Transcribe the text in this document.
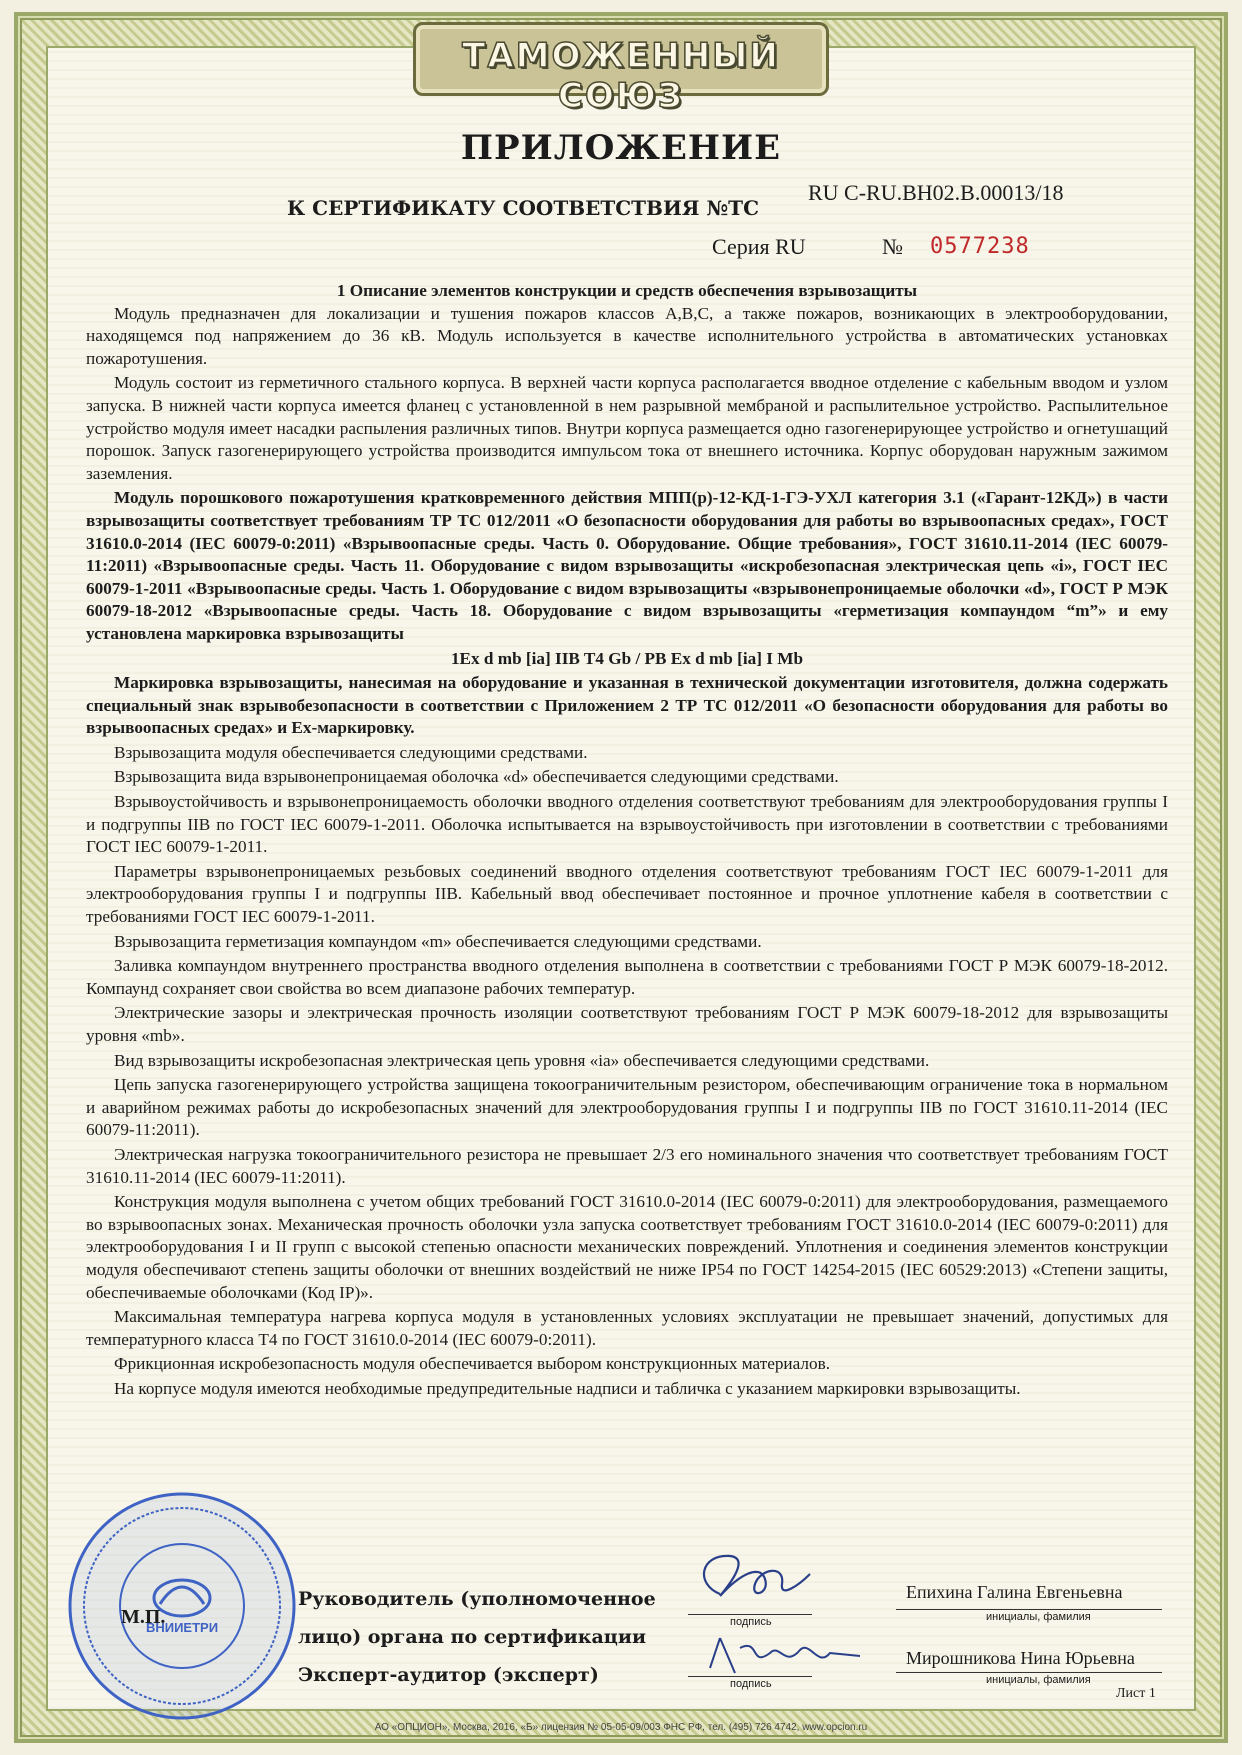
ТАМОЖЕННЫЙ СОЮЗ
ПРИЛОЖЕНИЕ
К СЕРТИФИКАТУ СООТВЕТСТВИЯ №ТС
RU C-RU.BH02.B.00013/18
Серия RU	№ 0577238

1 Описание элементов конструкции и средств обеспечения взрывозащиты

Модуль предназначен для локализации и тушения пожаров классов А,В,С, а также пожаров, возникающих в электрооборудовании, находящемся под напряжением до 36 кВ. Модуль используется в качестве исполнительного устройства в автоматических установках пожаротушения.

Модуль состоит из герметичного стального корпуса. В верхней части корпуса располагается вводное отделение с кабельным вводом и узлом запуска. В нижней части корпуса имеется фланец с установленной в нем разрывной мембраной и распылительное устройство. Распылительное устройство модуля имеет насадки распыления различных типов. Внутри корпуса размещается одно газогенерирующее устройство и огнетушащий порошок. Запуск газогенерирующего устройства производится импульсом тока от внешнего источника. Корпус оборудован наружным зажимом заземления.

Модуль порошкового пожаротушения кратковременного действия МПП(р)-12-КД-1-ГЭ-УХЛ категория 3.1 («Гарант-12КД») в части взрывозащиты соответствует требованиям ТР ТС 012/2011 «О безопасности оборудования для работы во взрывоопасных средах», ГОСТ 31610.0-2014 (IEC 60079-0:2011) «Взрывоопасные среды. Часть 0. Оборудование. Общие требования», ГОСТ 31610.11-2014 (IEC 60079-11:2011) «Взрывоопасные среды. Часть 11. Оборудование с видом взрывозащиты «искробезопасная электрическая цепь «i», ГОСТ IEC 60079-1-2011 «Взрывоопасные среды. Часть 1. Оборудование с видом взрывозащиты «взрывонепроницаемые оболочки «d», ГОСТ Р МЭК 60079-18-2012 «Взрывоопасные среды. Часть 18. Оборудование с видом взрывозащиты «герметизация компаундом “m”» и ему установлена маркировка взрывозащиты

1Ex d mb [ia] IIB T4 Gb / PB Ex d mb [ia] I Mb

Маркировка взрывозащиты, нанесимая на оборудование и указанная в технической документации изготовителя, должна содержать специальный знак взрывобезопасности в соответствии с Приложением 2 ТР ТС 012/2011 «О безопасности оборудования для работы во взрывоопасных средах» и Ex-маркировку.

Взрывозащита модуля обеспечивается следующими средствами.

Взрывозащита вида взрывонепроницаемая оболочка «d» обеспечивается следующими средствами.

Взрывоустойчивость и взрывонепроницаемость оболочки вводного отделения соответствуют требованиям для электрооборудования группы I и подгруппы IIВ по ГОСТ IEC 60079-1-2011. Оболочка испытывается на взрывоустойчивость при изготовлении в соответствии с требованиями ГОСТ IEC 60079-1-2011.

Параметры взрывонепроницаемых резьбовых соединений вводного отделения соответствуют требованиям ГОСТ IEC 60079-1-2011 для электрооборудования группы I и подгруппы IIВ. Кабельный ввод обеспечивает постоянное и прочное уплотнение кабеля в соответствии с требованиями ГОСТ IEC 60079-1-2011.

Взрывозащита герметизация компаундом «m» обеспечивается следующими средствами.

Заливка компаундом внутреннего пространства вводного отделения выполнена в соответствии с требованиями ГОСТ Р МЭК 60079-18-2012. Компаунд сохраняет свои свойства во всем диапазоне рабочих температур.

Электрические зазоры и электрическая прочность изоляции соответствуют требованиям ГОСТ Р МЭК 60079-18-2012 для взрывозащиты уровня «mb».

Вид взрывозащиты искробезопасная электрическая цепь уровня «ia» обеспечивается следующими средствами.

Цепь запуска газогенерирующего устройства защищена токоограничительным резистором, обеспечивающим ограничение тока в нормальном и аварийном режимах работы до искробезопасных значений для электрооборудования группы I и подгруппы IIВ по ГОСТ 31610.11-2014 (IEC 60079-11:2011).

Электрическая нагрузка токоограничительного резистора не превышает 2/3 его номинального значения что соответствует требованиям ГОСТ 31610.11-2014 (IEC 60079-11:2011).

Конструкция модуля выполнена с учетом общих требований ГОСТ 31610.0-2014 (IEC 60079-0:2011) для электрооборудования, размещаемого во взрывоопасных зонах. Механическая прочность оболочки узла запуска соответствует требованиям ГОСТ 31610.0-2014 (IEC 60079-0:2011) для электрооборудования I и II групп с высокой степенью опасности механических повреждений. Уплотнения и соединения элементов конструкции модуля обеспечивают степень защиты оболочки от внешних воздействий не ниже IP54 по ГОСТ 14254-2015 (IEC 60529:2013) «Степени защиты, обеспечиваемые оболочками (Код IP)».

Максимальная температура нагрева корпуса модуля в установленных условиях эксплуатации не превышает значений, допустимых для температурного класса Т4 по ГОСТ 31610.0-2014 (IEC 60079-0:2011).

Фрикционная искробезопасность модуля обеспечивается выбором конструкционных материалов.

На корпусе модуля имеются необходимые предупредительные надписи и табличка с указанием маркировки взрывозащиты.

ВНИИЕТРИ
М.П.
Руководитель (уполномоченное
лицо) органа по сертификации
Эксперт-аудитор (эксперт)
подпись
Епихина Галина Евгеньевна
инициалы, фамилия
подпись
Мирошникова Нина Юрьевна
инициалы, фамилия
Лист 1
АО «ОПЦИОН», Москва, 2016, «Б» лицензия № 05-05-09/003 ФНС РФ, тел. (495) 726 4742, www.opcion.ru
